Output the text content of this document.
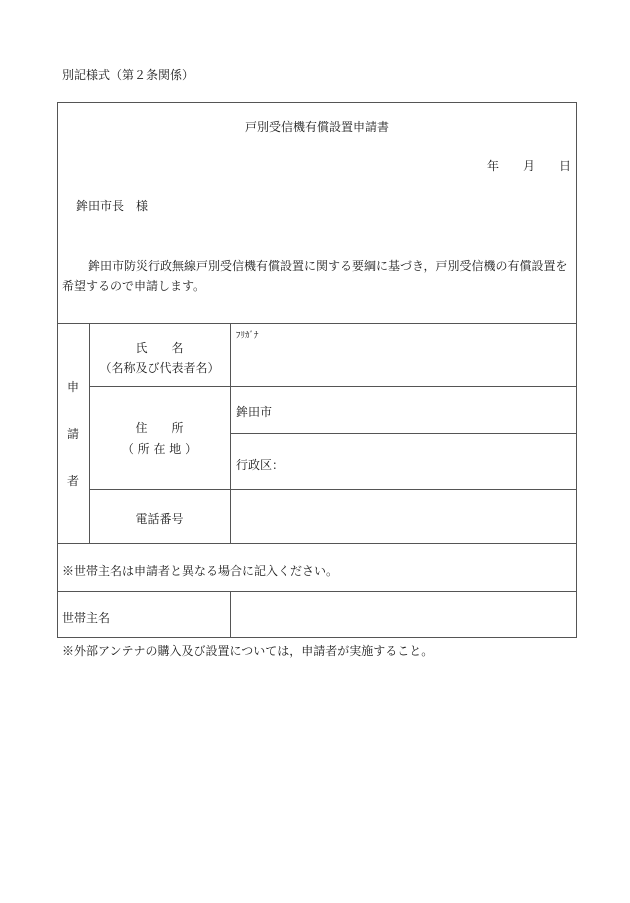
別記様式（第２条関係）
戸別受信機有償設置申請書
年 月 日
鉾田市長　様
鉾田市防災行政無線戸別受信機有償設置に関する要綱に基づき，戸別受信機の有償設置を
希望するので申請します。
申
請
者
氏　　名
（名称及び代表者名）
ﾌﾘｶﾞﾅ
住　　所
（ 所 在 地 ）
鉾田市
行政区：
電話番号
※世帯主名は申請者と異なる場合に記入ください。
世帯主名
※外部アンテナの購入及び設置については，申請者が実施すること。
